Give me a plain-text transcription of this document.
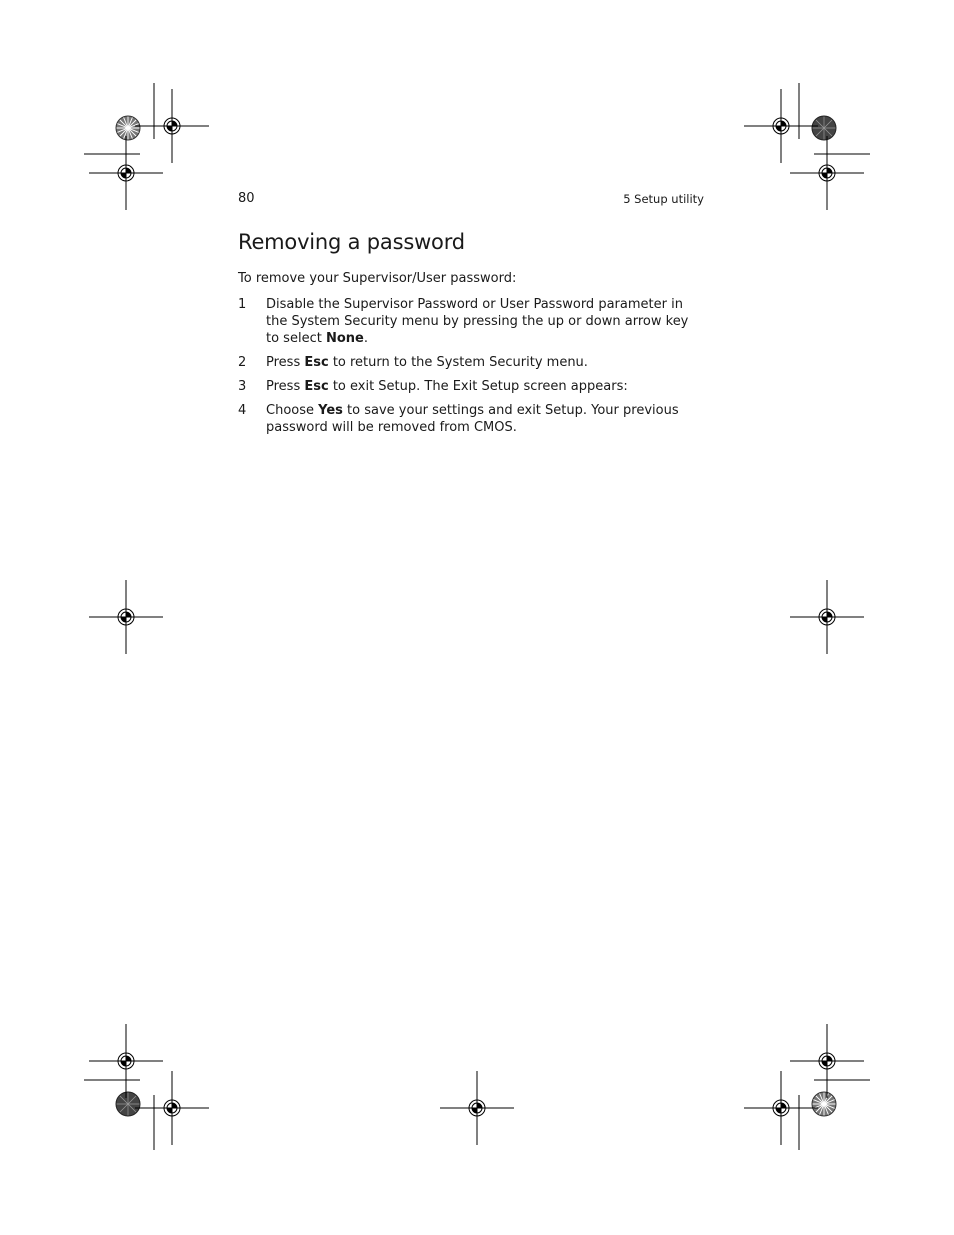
80	5 Setup utility

Removing a password

To remove your Supervisor/User password:

1 Disable the Supervisor Password or User Password parameter in
the System Security menu by pressing the up or down arrow key
to select None.
2 Press Esc to return to the System Security menu.
3 Press Esc to exit Setup. The Exit Setup screen appears:
4 Choose Yes to save your settings and exit Setup. Your previous
password will be removed from CMOS.
